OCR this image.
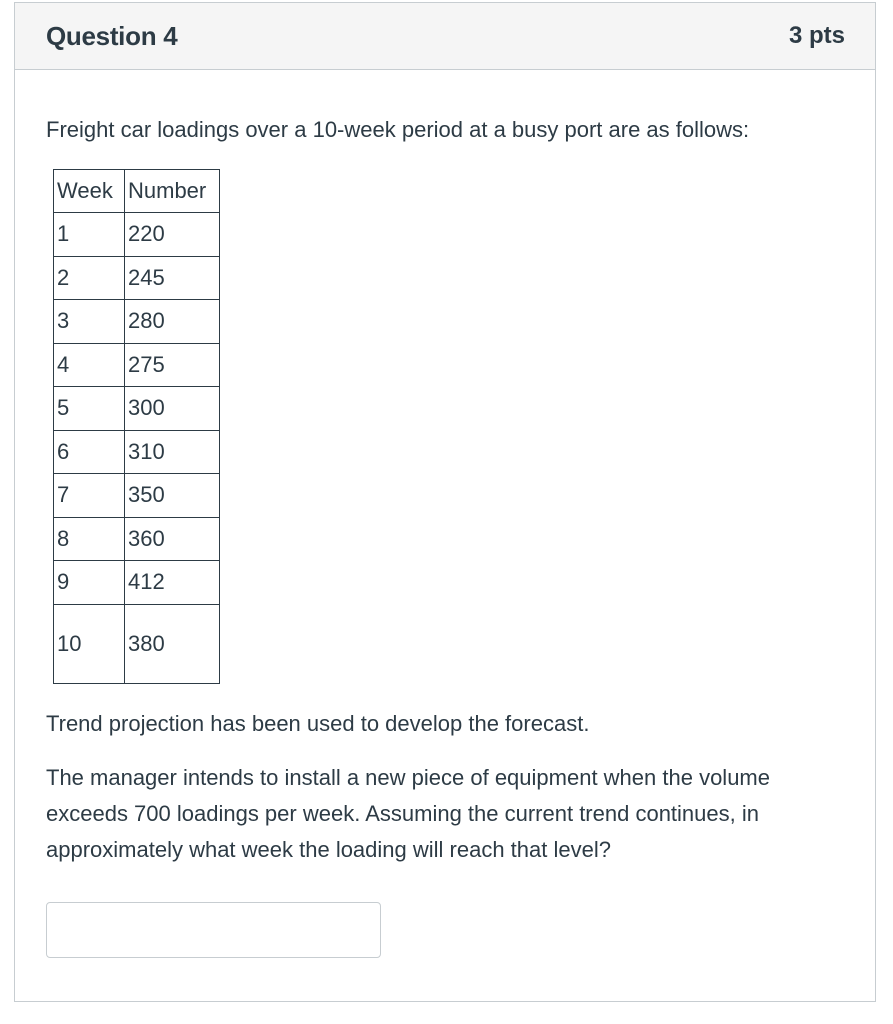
Question 4	3 pts

Freight car loadings over a 10-week period at a busy port are as follows:

Week	Number
1	220
2	245
3	280
4	275
5	300
6	310
7	350
8	360
9	412
10	380

Trend projection has been used to develop the forecast.

The manager intends to install a new piece of equipment when the volume exceeds 700 loadings per week. Assuming the current trend continues, in approximately what week the loading will reach that level?
